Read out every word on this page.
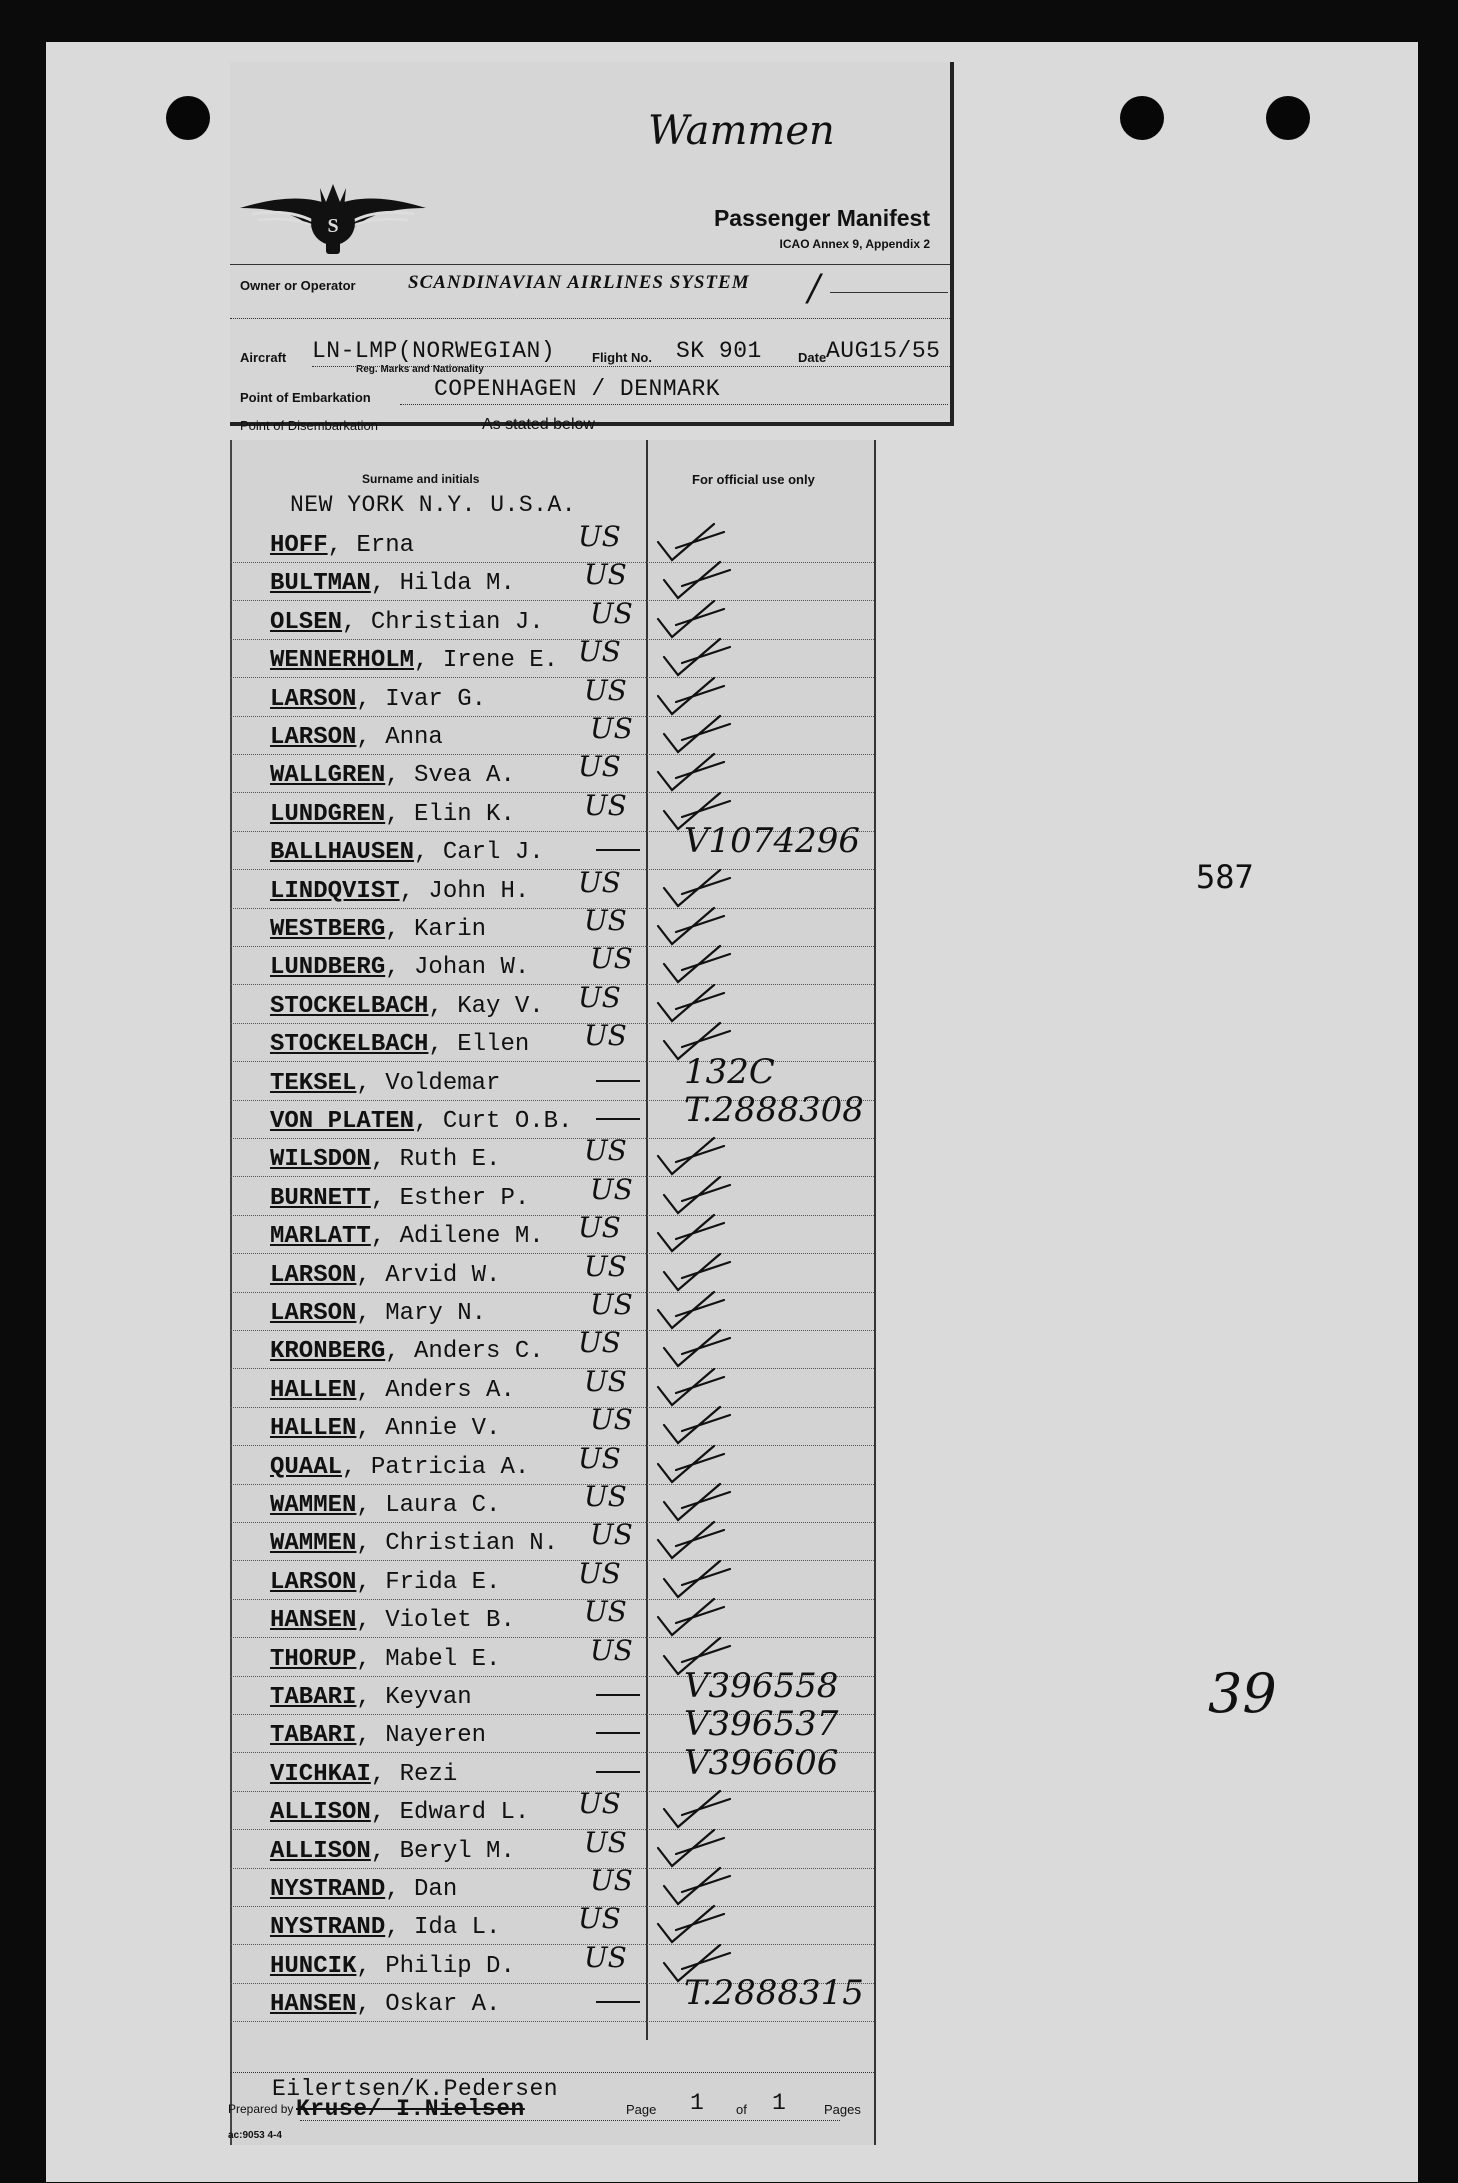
Wammen
S	Passenger Manifest
ICAO Annex 9, Appendix 2
Owner or Operator	SCANDINAVIAN AIRLINES SYSTEM /
Aircraft LN-LMP(NORWEGIAN)
Reg. Marks and Nationality
Flight No. SK 901	Date AUG15/55
Point of Embarkation	COPENHAGEN / DENMARK
Point of Disembarkation	As stated below
Surname and initials	For official use only
NEW YORK N.Y. U.S.A.
HOFF, Erna	US
BULTMAN, Hilda M. US
OLSEN, Christian J. US
WENNERHOLM, Irene E. US
LARSON, Ivar G.	US
LARSON, Anna	US
WALLGREN, Svea A. US
LUNDGREN, Elin K. US
BALLHAUSEN, Carl J.	V1074296
LINDQVIST, John H. US
WESTBERG, Karin	US
LUNDBERG, Johan W. US
STOCKELBACH, Kay V. US
STOCKELBACH, Ellen US
TEKSEL, Voldemar	132C
VON PLATEN, Curt O.B.	T.2888308
WILSDON, Ruth E.	US
BURNETT, Esther P. US
MARLATT, Adilene M. US
LARSON, Arvid W.	US
LARSON, Mary N.	US
KRONBERG, Anders C. US
HALLEN, Anders A. US
HALLEN, Annie V.	US
QUAAL, Patricia A. US
WAMMEN, Laura C.	US
WAMMEN, Christian N. US
LARSON, Frida E.	US
HANSEN, Violet B. US
THORUP, Mabel E.	US
TABARI, Keyvan	V396558
TABARI, Nayeren	V396537
VICHKAI, Rezi	V396606
ALLISON, Edward L. US
ALLISON, Beryl M. US
NYSTRAND, Dan	US
NYSTRAND, Ida L.	US
HUNCIK, Philip D. US
HANSEN, Oskar A.	T.2888315
Eilertsen/K.Pedersen
Prepared by Kruse/ I.Nielsen	Page 1 of 1	Pages
ac:9053 4-4
587
39
